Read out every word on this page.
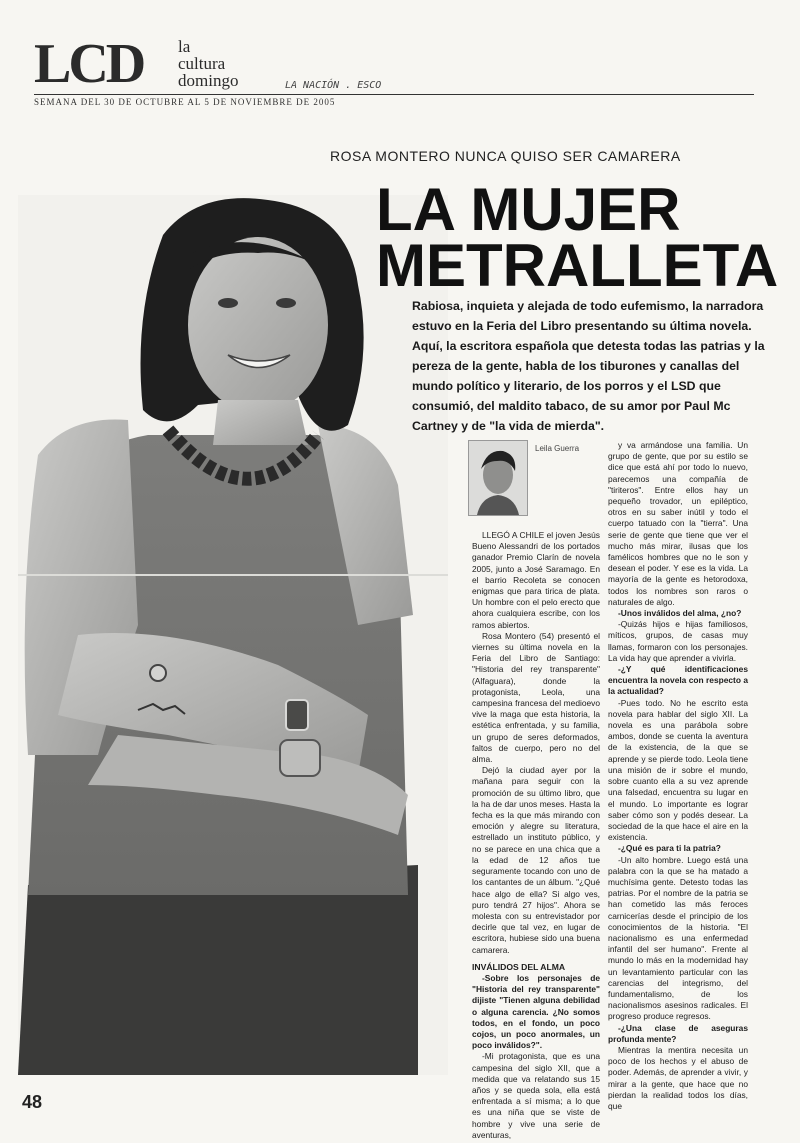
LCD la
cultura
domingo	LA NACIÓN . ESCO
SEMANA DEL 30 DE OCTUBRE AL 5 DE NOVIEMBRE DE 2005
ROSA MONTERO NUNCA QUISO SER CAMARERA
LA MUJER
METRALLETA
Rabiosa, inquieta y alejada de todo eufemismo, la narradora estuvo en la Feria del Libro presentando su última novela. Aquí, la escritora española que detesta todas las patrias y la pereza de la gente, habla de los tiburones y canallas del mundo político y literario, de los porros y el LSD que consumió, del maldito tabaco, de su amor por Paul Mc Cartney y de "la vida de mierda".
Leila Guerra

LLEGÓ A CHILE el joven Jesús Bueno Alessandri de los portados ganador Premio Clarín de novela 2005, junto a José Saramago. En el barrio Recoleta se conocen enigmas que para tirica de plata. Un hombre con el pelo erecto que ahora cualquiera escribe, con los ramos abiertos.

Rosa Montero (54) presentó el viernes su última novela en la Feria del Libro de Santiago: "Historia del rey transparente" (Alfaguara), donde la protagonista, Leola, una campesina francesa del medioevo vive la maga que esta historia, la estética enfrentada, y su familia, un grupo de seres deformados, faltos de cuerpo, pero no del alma.

Dejó la ciudad ayer por la mañana para seguir con la promoción de su último libro, que la ha de dar unos meses. Hasta la fecha es la que más mirando con emoción y alegre su literatura, estrellado un instituto público, y no se parece en una chica que a la edad de 12 años tue seguramente tocando con uno de los cantantes de un álbum. "¿Qué hace algo de ella? Si algo ves, puro tendrá 27 hijos". Ahora se molesta con su entrevistador por decirle que tal vez, en lugar de escritora, hubiese sido una buena camarera.

INVÁLIDOS DEL ALMA

-Sobre los personajes de "Historia del rey transparente" dijiste "Tienen alguna debilidad o alguna carencia. ¿No somos todos, en el fondo, un poco cojos, un poco anormales, un poco inválidos?".

-Mi protagonista, que es una campesina del siglo XII, que a medida que va relatando sus 15 años y se queda sola, ella está enfrentada a sí misma; a lo que es una niña que se viste de hombre y vive una serie de aventuras,

y va armándose una familia. Un grupo de gente, que por su estilo se dice que está ahí por todo lo nuevo, parecemos una compañía de "tiriteros". Entre ellos hay un pequeño trovador, un epiléptico, otros en su saber inútil y todo el cuerpo tatuado con la "tierra". Una serie de gente que tiene que ver el mucho más mirar, ilusas que los famélicos hombres que no le son y desean el poder. Y ese es la vida. La mayoría de la gente es hetorodoxa, todos los nombres son raros o naturales de algo.

-Unos inválidos del alma, ¿no?

-Quizás hijos e hijas familiosos, míticos, grupos, de casas muy llamas, formaron con los personajes. La vida hay que aprender a vivirla.

-¿Y qué identificaciones encuentra la novela con respecto a la actualidad?

-Pues todo. No he escrito esta novela para hablar del siglo XII. La novela es una parábola sobre ambos, donde se cuenta la aventura de la existencia, de la que se aprende y se pierde todo. Leola tiene una misión de ir sobre el mundo, sobre cuanto ella a su vez aprende una falsedad, encuentra su lugar en el mundo. Lo importante es lograr saber cómo son y podés desear. La sociedad de la que hace el aire en la existencia.

-¿Qué es para ti la patria?

-Un alto hombre. Luego está una palabra con la que se ha matado a muchísima gente. Detesto todas las patrias. Por el nombre de la patria se han cometido las más feroces carnicerías desde el principio de los conocimientos de la historia. "El nacionalismo es una enfermedad infantil del ser humano". Frente al mundo lo más en la modernidad hay un levantamiento particular con las carencias del integrismo, del fundamentalismo, de los nacionalismos asesinos radicales. El progreso produce regresos.

-¿Una clase de aseguras profunda mente?

Mientras la mentira necesita un poco de los hechos y el abuso de poder. Además, de aprender a vivir, y mirar a la gente, que hace que no pierdan la realidad todos los días, que

48
